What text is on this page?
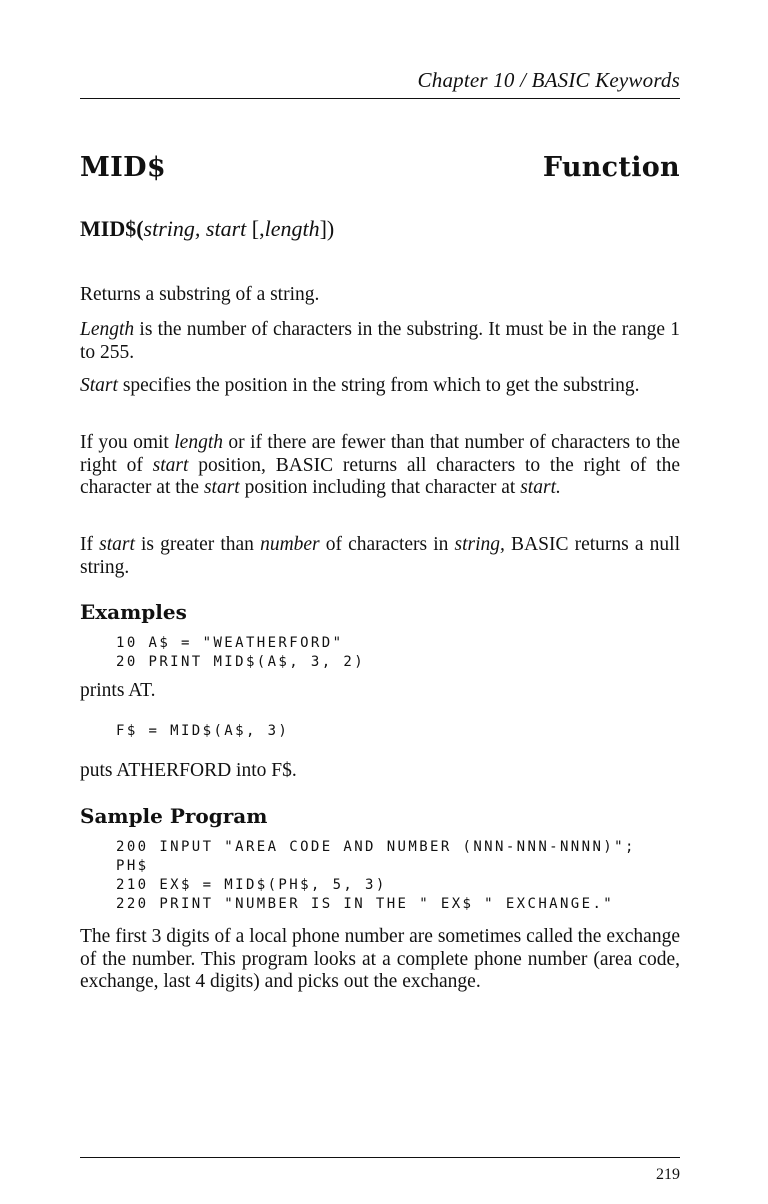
Chapter 10 / BASIC Keywords
MID$	Function
MID$(string, start [,length])
Returns a substring of a string.
Length is the number of characters in the substring. It must be in the range 1 to 255.
Start specifies the position in the string from which to get the substring.
If you omit length or if there are fewer than that number of characters to the right of start position, BASIC returns all characters to the right of the character at the start position including that character at start.
If start is greater than number of characters in string, BASIC returns a null string.
Examples
10 A$ = "WEATHERFORD"
20 PRINT MID$(A$, 3, 2)
prints AT.
F$ = MID$(A$, 3)
puts ATHERFORD into F$.
Sample Program
200 INPUT "AREA CODE AND NUMBER (NNN-NNN-NNNN)";
PH$
210 EX$ = MID$(PH$, 5, 3)
220 PRINT "NUMBER IS IN THE " EX$ " EXCHANGE."
The first 3 digits of a local phone number are sometimes called the exchange of the number. This program looks at a complete phone number (area code, exchange, last 4 digits) and picks out the exchange.
219
